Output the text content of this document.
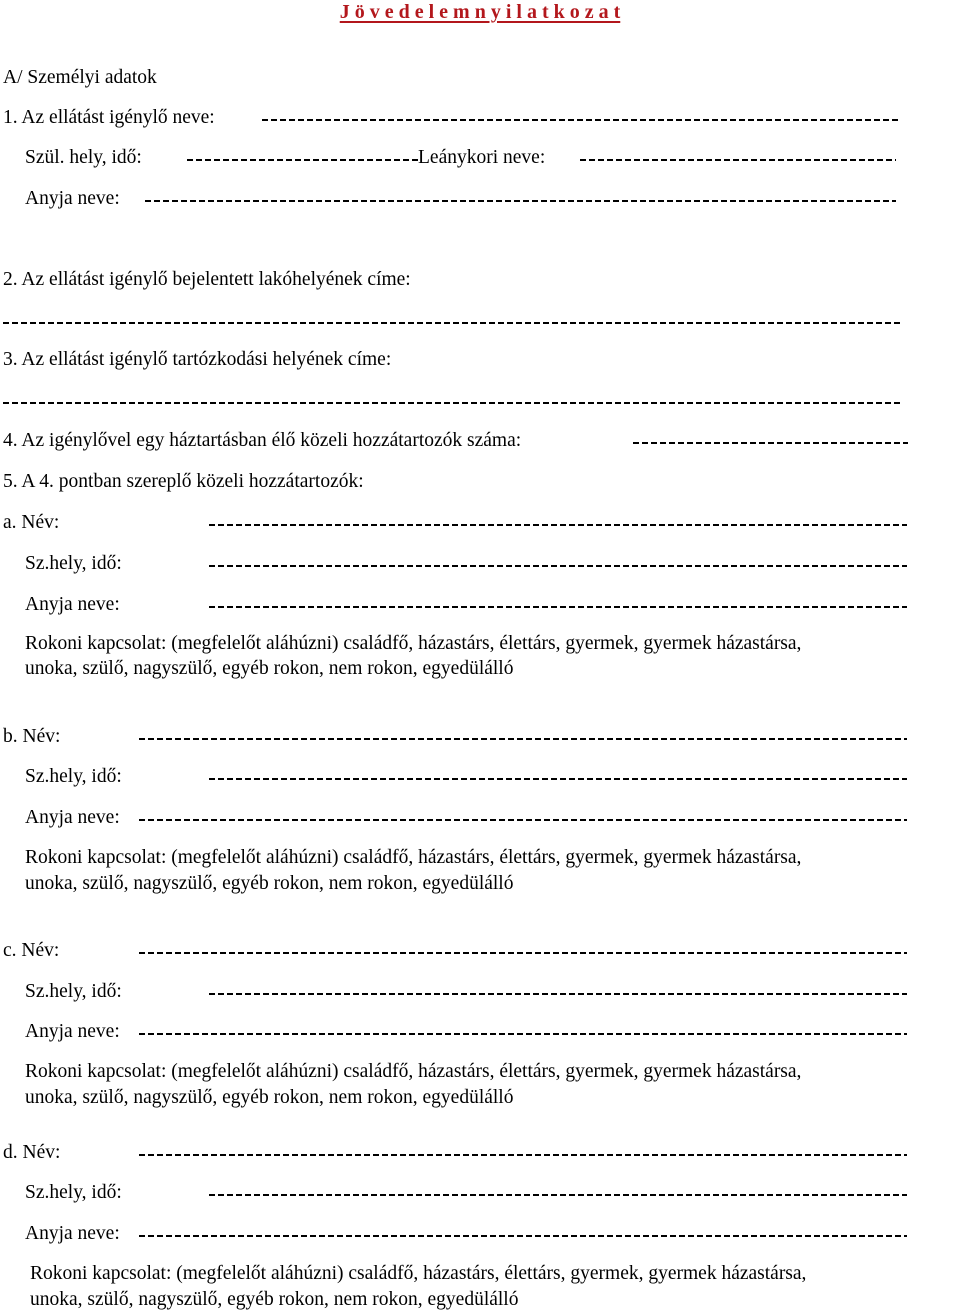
J ö v e d e l e m n y i l a t k o z a t
A/ Személyi adatok
1. Az ellátást igénylő neve:
Szül. hely, idő:	Leánykori neve:
Anyja neve:
2. Az ellátást igénylő bejelentett lakóhelyének címe:
3. Az ellátást igénylő tartózkodási helyének címe:
4. Az igénylővel egy háztartásban élő közeli hozzátartozók száma:
5. A 4. pontban szereplő közeli hozzátartozók:
a. Név:
Sz.hely, idő:
Anyja neve:
Rokoni kapcsolat: (megfelelőt aláhúzni) családfő, házastárs, élettárs, gyermek, gyermek házastársa,
unoka, szülő, nagyszülő, egyéb rokon, nem rokon, egyedülálló
b. Név:
Sz.hely, idő:
Anyja neve:
Rokoni kapcsolat: (megfelelőt aláhúzni) családfő, házastárs, élettárs, gyermek, gyermek házastársa,
unoka, szülő, nagyszülő, egyéb rokon, nem rokon, egyedülálló
c. Név:
Sz.hely, idő:
Anyja neve:
Rokoni kapcsolat: (megfelelőt aláhúzni) családfő, házastárs, élettárs, gyermek, gyermek házastársa,
unoka, szülő, nagyszülő, egyéb rokon, nem rokon, egyedülálló
d. Név:
Sz.hely, idő:
Anyja neve:
Rokoni kapcsolat: (megfelelőt aláhúzni) családfő, házastárs, élettárs, gyermek, gyermek házastársa,
unoka, szülő, nagyszülő, egyéb rokon, nem rokon, egyedülálló
